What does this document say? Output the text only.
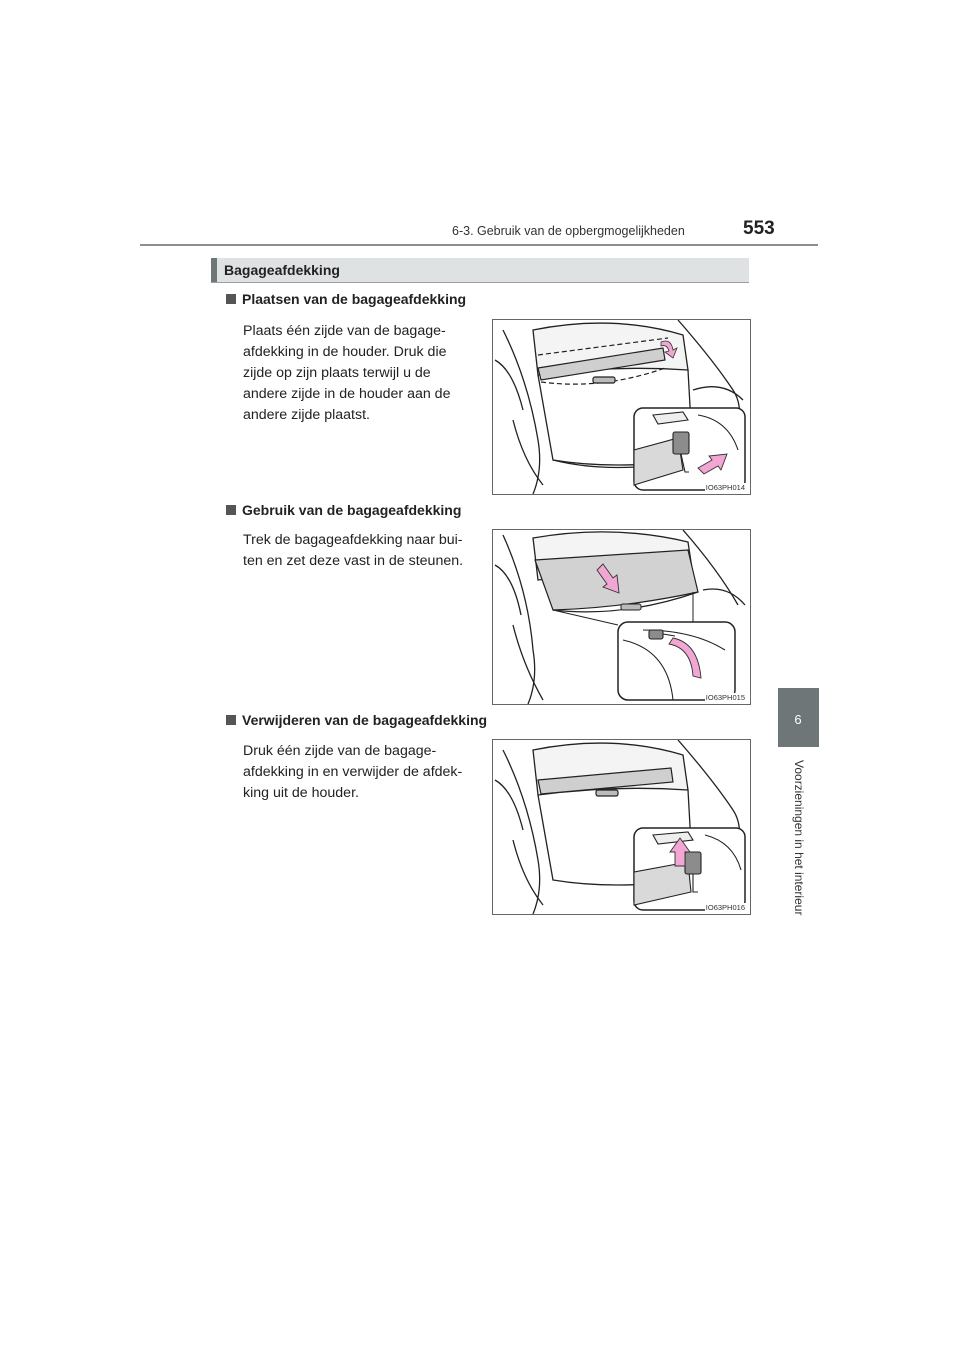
6-3. Gebruik van de opbergmogelijkheden	553
6
Voorzieningen in het interieur
Bagageafdekking
Plaatsen van de bagageafdekking
Plaats één zijde van de bagage-
afdekking in de houder. Druk die
zijde op zijn plaats terwijl u de
andere zijde in de houder aan de
andere zijde plaatst.
IO63PH014
Gebruik van de bagageafdekking
Trek de bagageafdekking naar bui-
ten en zet deze vast in de steunen.
IO63PH015
Verwijderen van de bagageafdekking
Druk één zijde van de bagage-
afdekking in en verwijder de afdek-
king uit de houder.
IO63PH016
